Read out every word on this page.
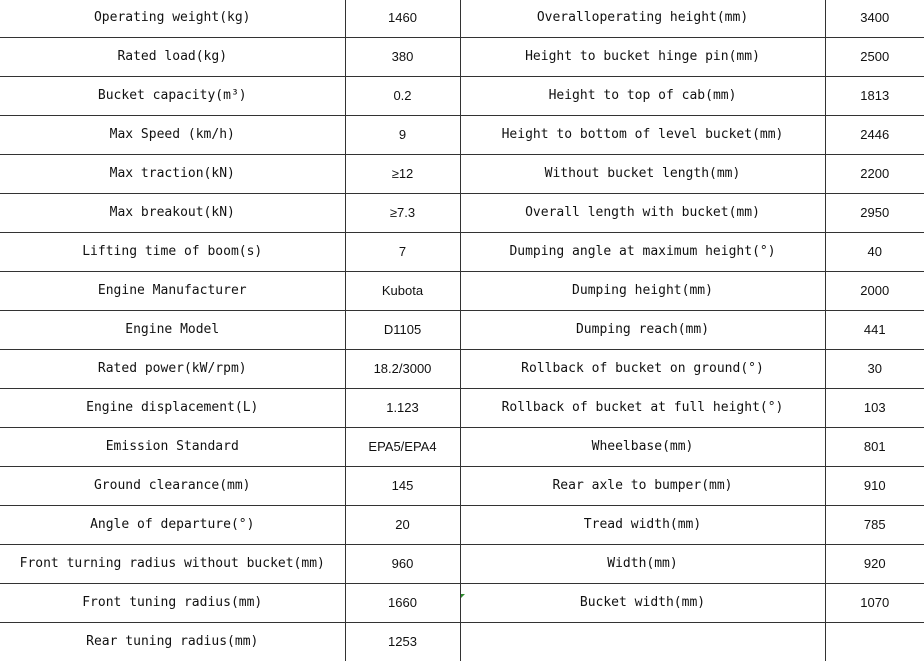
Operating weight(kg)	1460	Overalloperating height(mm)	3400
Rated load(kg)	380	Height to bucket hinge pin(mm)	2500
Bucket capacity(m³)	0.2	Height to top of cab(mm)	1813
Max Speed (km/h)	9	Height to bottom of level bucket(mm)	2446
Max traction(kN)	≥12	Without bucket length(mm)	2200
Max breakout(kN)	≥7.3	Overall length with bucket(mm)	2950
Lifting time of boom(s)	7	Dumping angle at maximum height(°)	40
Engine Manufacturer	Kubota	Dumping height(mm)	2000
Engine Model	D1105	Dumping reach(mm)	441
Rated power(kW/rpm)	18.2/3000	Rollback of bucket on ground(°)	30
Engine displacement(L)	1.123	Rollback of bucket at full height(°)	103
Emission Standard	EPA5/EPA4	Wheelbase(mm)	801
Ground clearance(mm)	145	Rear axle to bumper(mm)	910
Angle of departure(°)	20	Tread width(mm)	785
Front turning radius without bucket(mm)	960	Width(mm)	920
Front tuning radius(mm)	1660	Bucket width(mm)	1070
Rear tuning radius(mm)	1253		
